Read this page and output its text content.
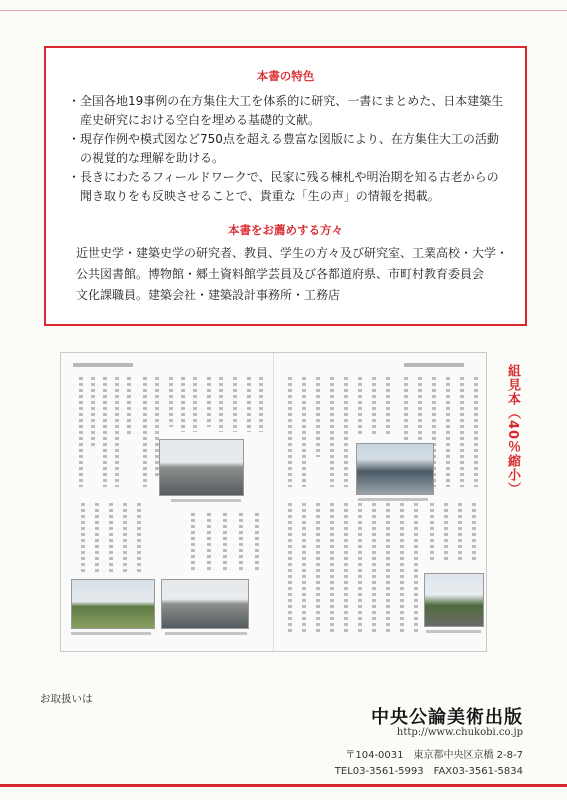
本書の特色
・ 全国各地19事例の在方集住大工を体系的に研究、一書にまとめた、日本建築生産史研究における空白を埋める基礎的文献。
・ 現存作例や模式図など750点を超える豊富な図版により、在方集住大工の活動の視覚的な理解を助ける。
・ 長きにわたるフィールドワークで、民家に残る棟札や明治期を知る古老からの聞き取りをも反映させることで、貴重な「生の声」の情報を掲載。
本書をお薦めする方々
近世史学・建築史学の研究者、教員、学生の方々及び研究室、工業高校・大学・
公共図書館。博物館・郷土資料館学芸員及び各都道府県、市町村教育委員会
文化課職員。建築会社・建築設計事務所・工務店
組見本（40％縮小）
お取扱いは
中央公論美術出版
http://www.chukobi.co.jp
〒104-0031　東京都中央区京橋 2-8-7
TEL03-3561-5993　FAX03-3561-5834
